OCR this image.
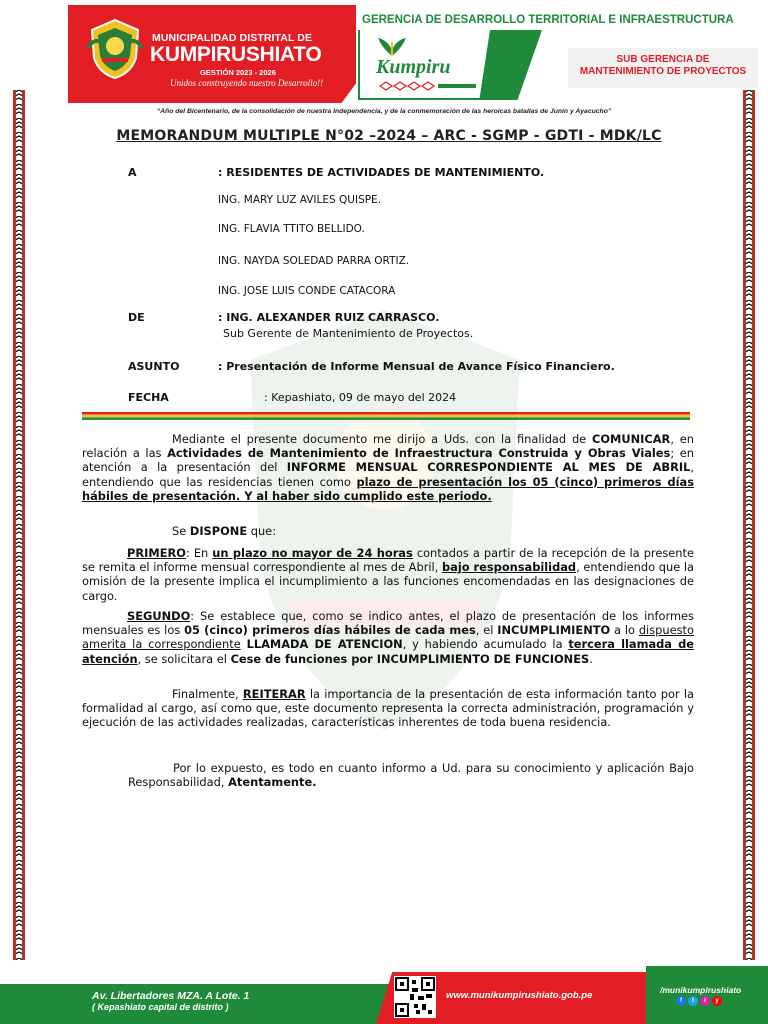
MUNICIPALIDAD DISTRITAL DE
KUMPIRUSHIATO
GESTIÓN 2023 - 2026
Unidos construyendo nuestro Desarrollo!!
GERENCIA DE DESARROLLO TERRITORIAL E INFRAESTRUCTURA
Kumpiru	SUB GERENCIA DE
MANTENIMIENTO DE PROYECTOS
“Año del Bicentenario, de la consolidación de nuestra Independencia, y de la conmemoración de las heroicas batallas de Junín y Ayacucho”
MEMORANDUM MULTIPLE N°02 –2024 – ARC - SGMP - GDTI - MDK/LC
A	: RESIDENTES DE ACTIVIDADES DE MANTENIMIENTO.
ING. MARY LUZ AVILES QUISPE.
ING. FLAVIA TTITO BELLIDO.
ING. NAYDA SOLEDAD PARRA ORTIZ.
ING. JOSE LUIS CONDE CATACORA
DE	: ING. ALEXANDER RUIZ CARRASCO.
Sub Gerente de Mantenimiento de Proyectos.
ASUNTO	: Presentación de Informe Mensual de Avance Físico Financiero.
FECHA	: Kepashiato, 09 de mayo del 2024
Mediante el presente documento me dirijo a Uds. con la finalidad de COMUNICAR, en relación a las Actividades de Mantenimiento de Infraestructura Construida y Obras Viales; en atención a la presentación del INFORME MENSUAL CORRESPONDIENTE AL MES DE ABRIL, entendiendo que las residencias tienen como plazo de presentación los 05 (cinco) primeros días hábiles de presentación. Y al haber sido cumplido este periodo.
Se DISPONE que:
PRIMERO: En un plazo no mayor de 24 horas contados a partir de la recepción de la presente se remita el informe mensual correspondiente al mes de Abril, bajo responsabilidad, entendiendo que la omisión de la presente implica el incumplimiento a las funciones encomendadas en las designaciones de cargo.
SEGUNDO: Se establece que, como se indico antes, el plazo de presentación de los informes mensuales es los 05 (cinco) primeros días hábiles de cada mes, el INCUMPLIMIENTO a lo dispuesto amerita la correspondiente LLAMADA DE ATENCION, y habiendo acumulado la tercera llamada de atención, se solicitara el Cese de funciones por INCUMPLIMIENTO DE FUNCIONES.
Finalmente, REITERAR la importancia de la presentación de esta información tanto por la formalidad al cargo, así como que, este documento representa la correcta administración, programación y ejecución de las actividades realizadas, características inherentes de toda buena residencia.
Por lo expuesto, es todo en cuanto informo a Ud. para su conocimiento y aplicación Bajo Responsabilidad, Atentamente.
Av. Libertadores MZA. A Lote. 1
( Kepashiato capital de distrito )
www.munikumpirushiato.gob.pe	/munikumpirushiato
f	t	i	y
